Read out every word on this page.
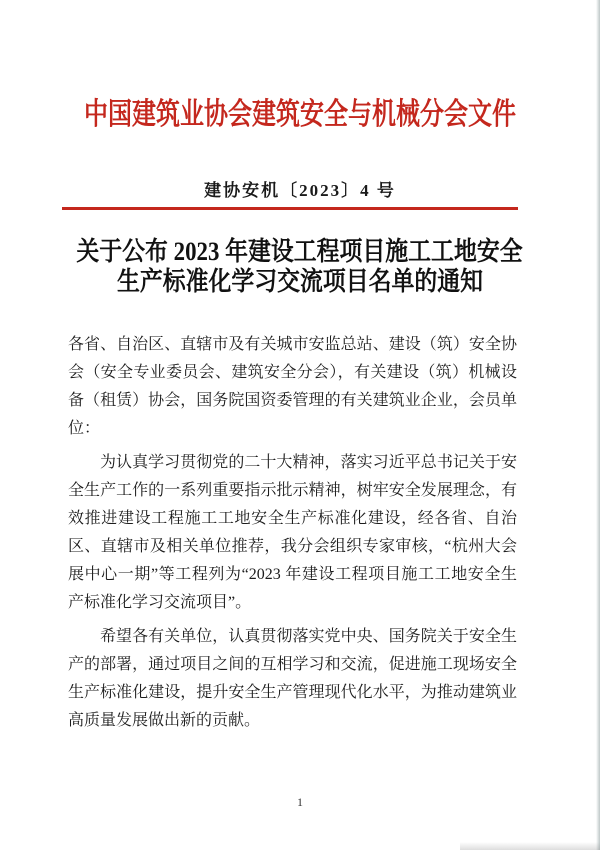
中国建筑业协会建筑安全与机械分会文件
建协安机〔2023〕4 号
关于公布 2023 年建设工程项目施工工地安全
生产标准化学习交流项目名单的通知

各省、自治区、直辖市及有关城市安监总站、建设（筑）安全协会（安全专业委员会、建筑安全分会），有关建设（筑）机械设备（租赁）协会，国务院国资委管理的有关建筑业企业，会员单位：

为认真学习贯彻党的二十大精神，落实习近平总书记关于安全生产工作的一系列重要指示批示精神，树牢安全发展理念，有效推进建设工程施工工地安全生产标准化建设，经各省、自治区、直辖市及相关单位推荐，我分会组织专家审核，“杭州大会展中心一期”等工程列为“2023 年建设工程项目施工工地安全生产标准化学习交流项目”。

希望各有关单位，认真贯彻落实党中央、国务院关于安全生产的部署，通过项目之间的互相学习和交流，促进施工现场安全生产标准化建设，提升安全生产管理现代化水平，为推动建筑业高质量发展做出新的贡献。

1
